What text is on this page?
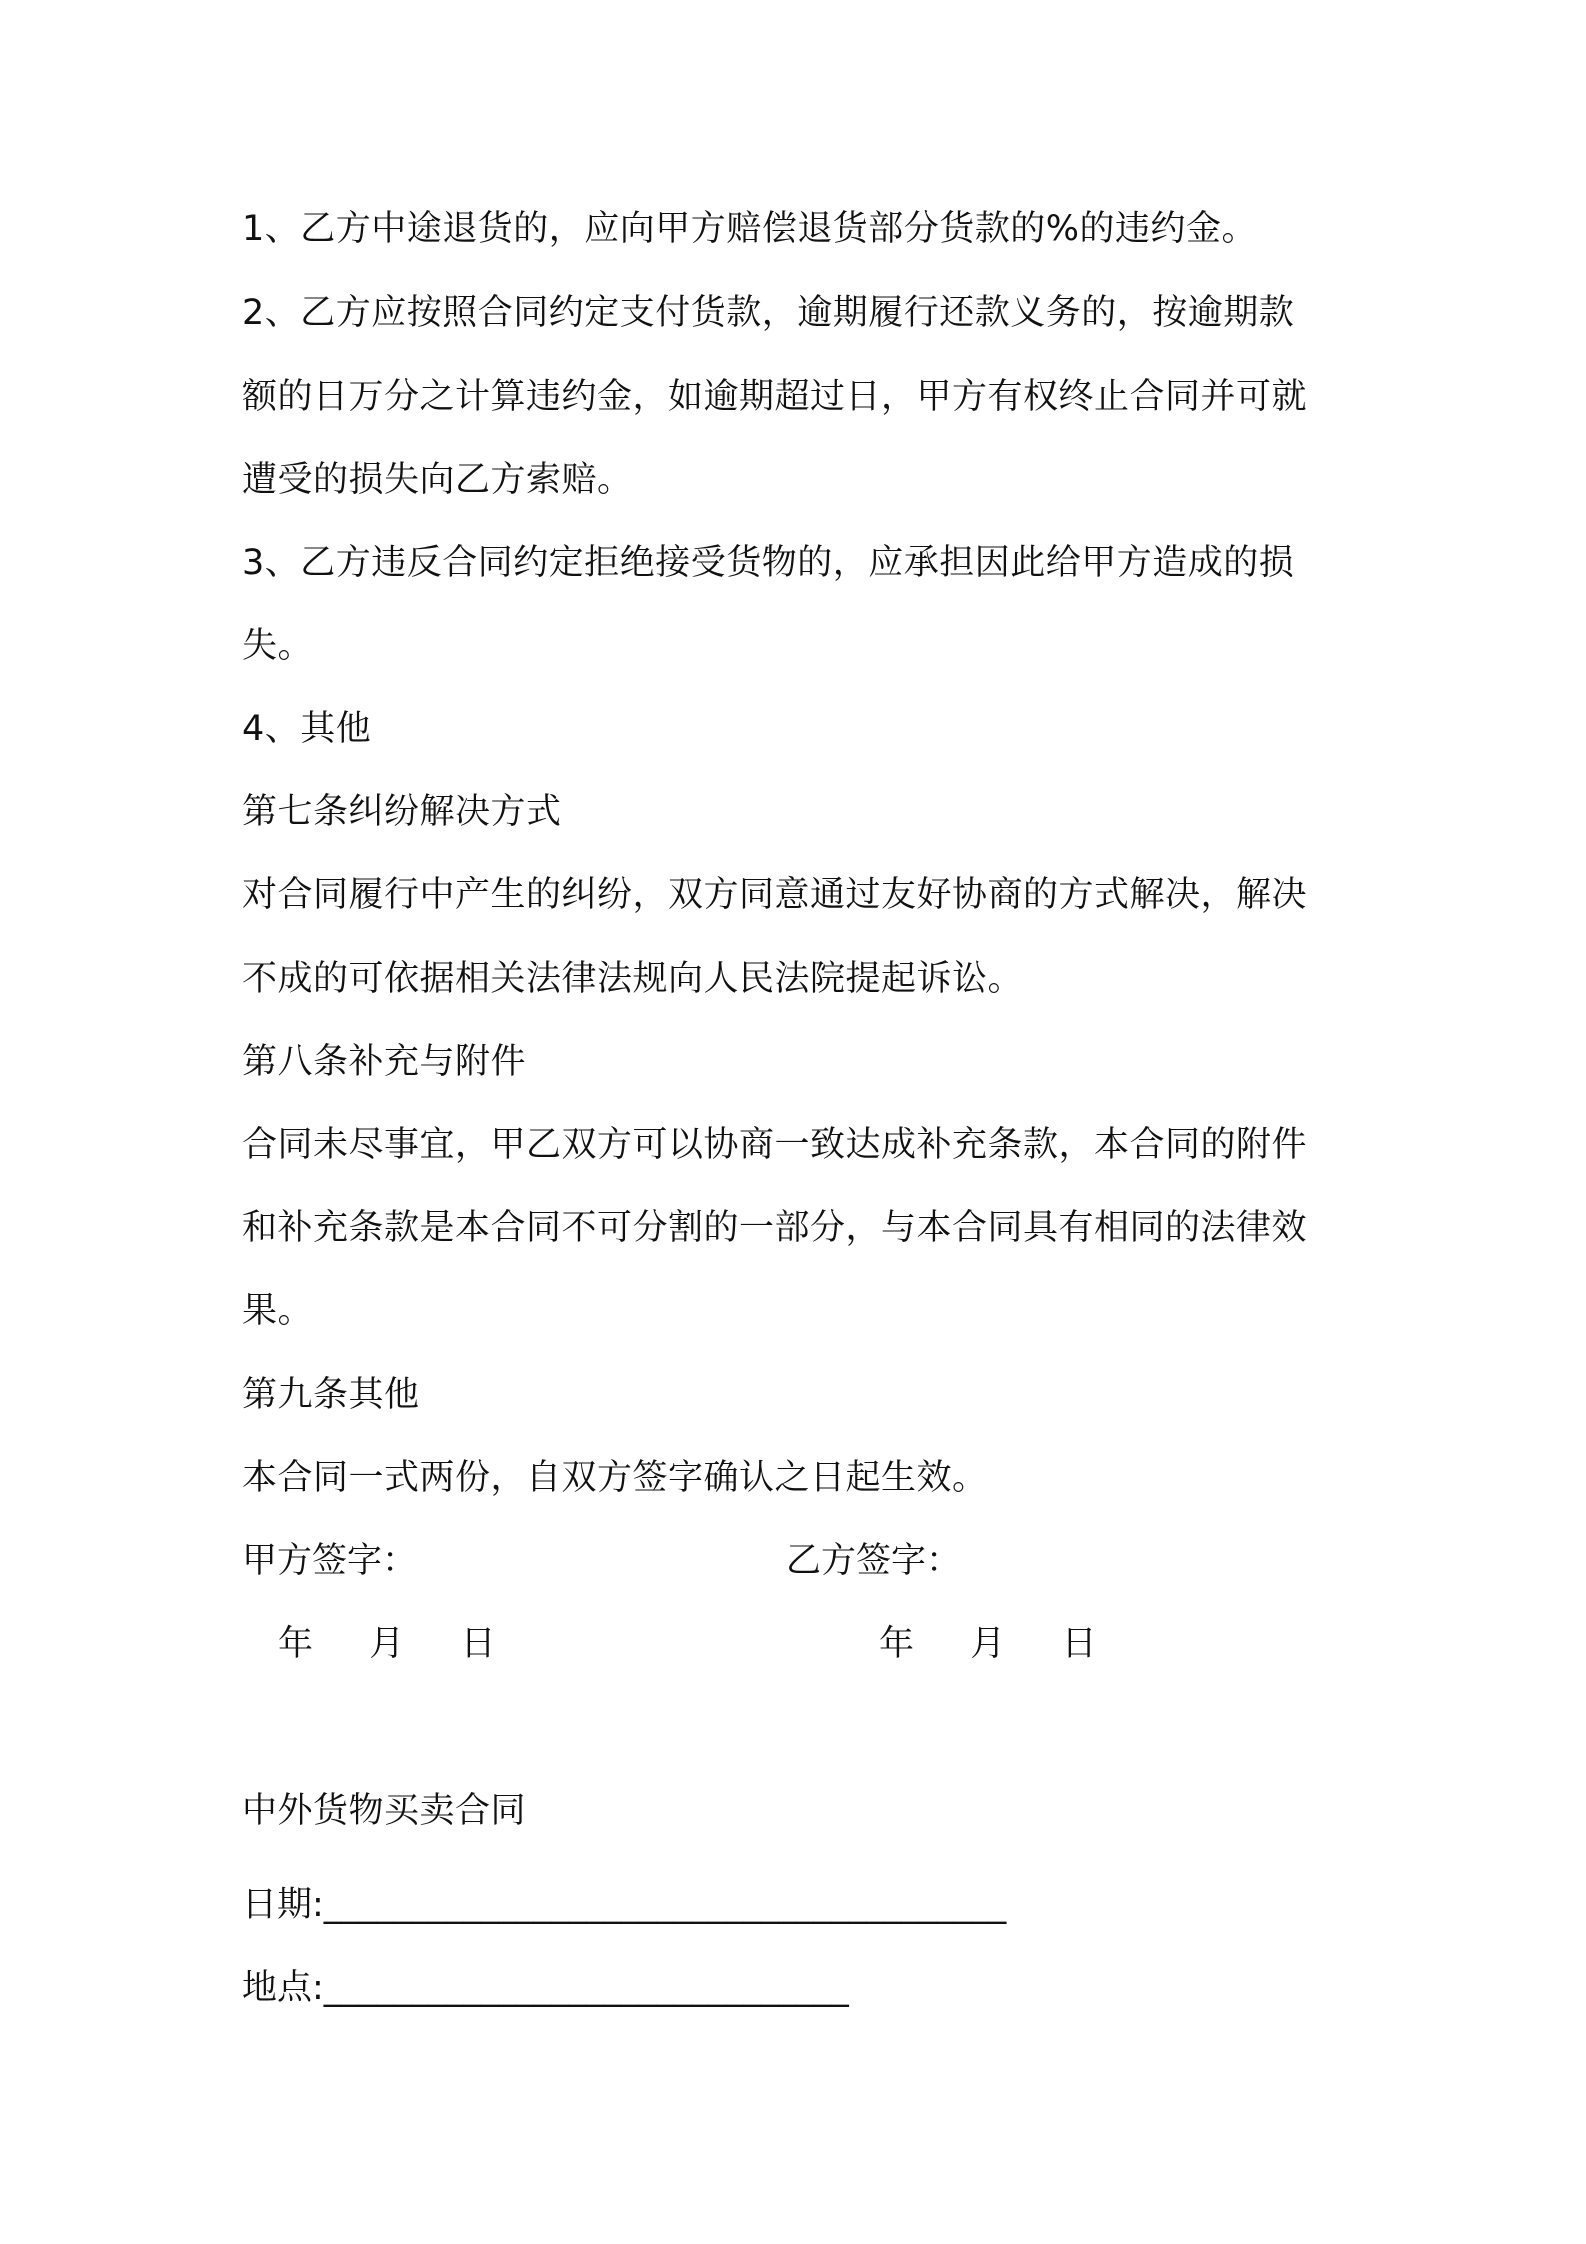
1、乙方中途退货的，应向甲方赔偿退货部分货款的%的违约金。
2、乙方应按照合同约定支付货款，逾期履行还款义务的，按逾期款
额的日万分之计算违约金，如逾期超过日，甲方有权终止合同并可就
遭受的损失向乙方索赔。
3、乙方违反合同约定拒绝接受货物的，应承担因此给甲方造成的损
失。
4、其他
第七条纠纷解决方式
对合同履行中产生的纠纷，双方同意通过友好协商的方式解决，解决
不成的可依据相关法律法规向人民法院提起诉讼。
第八条补充与附件
合同未尽事宜，甲乙双方可以协商一致达成补充条款，本合同的附件
和补充条款是本合同不可分割的一部分，与本合同具有相同的法律效
果。
第九条其他
本合同一式两份，自双方签字确认之日起生效。
甲方签字：	乙方签字：
年 月 日	年 月 日
中外货物买卖合同
日期:_______________________________________
地点:______________________________
